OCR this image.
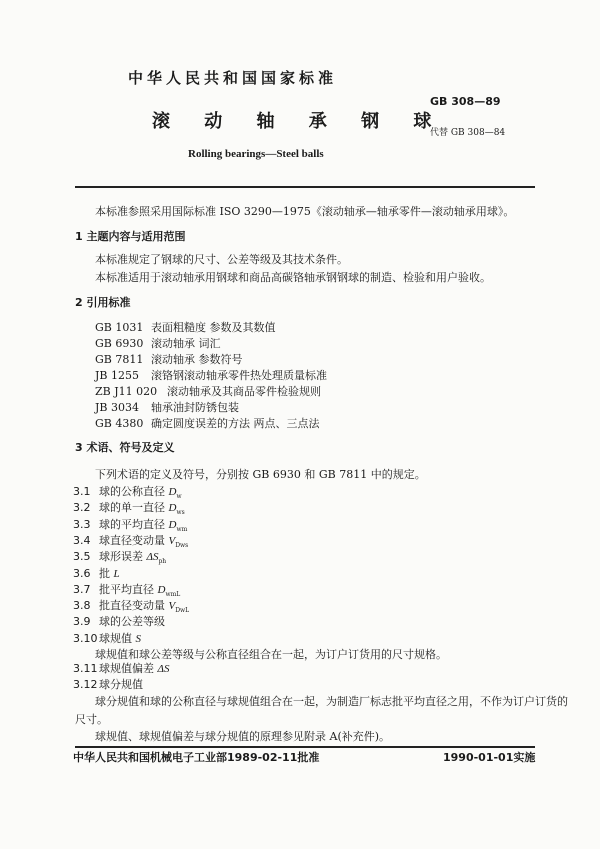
中华人民共和国国家标准
GB 308—89
滚 动 轴 承 钢 球
代替 GB 308—84
Rolling bearings—Steel balls
本标准参照采用国际标准 ISO 3290—1975《滚动轴承—轴承零件—滚动轴承用球》。
1 主题内容与适用范围
本标准规定了钢球的尺寸、公差等级及其技术条件。
本标准适用于滚动轴承用钢球和商品高碳铬轴承钢钢球的制造、检验和用户验收。
2 引用标准
GB 1031 表面粗糙度 参数及其数值
GB 6930 滚动轴承 词汇
GB 7811 滚动轴承 参数符号
JB 1255 滚铬钢滚动轴承零件热处理质量标准
ZB J11 020 滚动轴承及其商品零件检验规则
JB 3034 轴承油封防锈包装
GB 4380 确定圆度误差的方法 两点、三点法
3 术语、符号及定义
下列术语的定义及符号，分别按 GB 6930 和 GB 7811 中的规定。
3.1 球的公称直径 $D_w$
3.2 球的单一直径 $D_{ws}$
3.3 球的平均直径 $D_{wm}$
3.4 球直径变动量 $V_{Dws}$
3.5 球形误差 $\Delta S_{ph}$
3.6 批 L
3.7 批平均直径 $D_{wmL}$
3.8 批直径变动量 $V_{DwL}$
3.9 球的公差等级
3.10 球规值 S
球规值和球公差等级与公称直径组合在一起，为订户订货用的尺寸规格。
3.11 球规值偏差 ΔS
3.12 球分规值
球分规值和球的公称直径与球规值组合在一起，为制造厂标志批平均直径之用，不作为订户订货的
尺寸。
球规值、球规值偏差与球分规值的原理参见附录 A(补充件)。
中华人民共和国机械电子工业部1989-02-11批准	1990-01-01实施
